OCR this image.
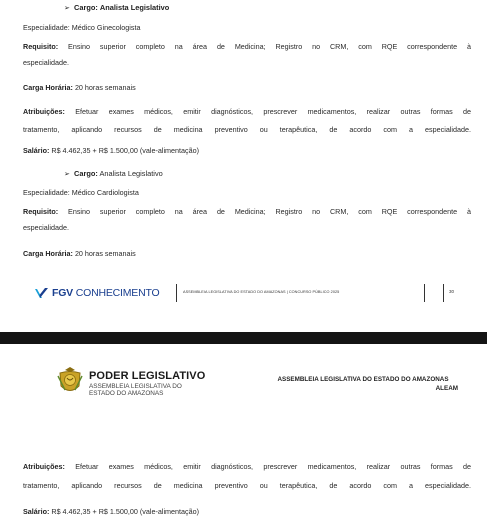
➢ Cargo: Analista Legislativo
Especialidade: Médico Ginecologista
Requisito: Ensino superior completo na área de Medicina; Registro no CRM, com RQE correspondente à
especialidade.
Carga Horária: 20 horas semanais
Atribuições: Efetuar exames médicos, emitir diagnósticos, prescrever medicamentos, realizar outras formas de
tratamento, aplicando recursos de medicina preventivo ou terapêutica, de acordo com a especialidade.
Salário: R$ 4.462,35 + R$ 1.500,00 (vale-alimentação)
➢ Cargo: Analista Legislativo
Especialidade: Médico Cardiologista
Requisito: Ensino superior completo na área de Medicina; Registro no CRM, com RQE correspondente à
especialidade.
Carga Horária: 20 horas semanais
FGV CONHECIMENTO	ASSEMBLEIA LEGISLATIVA DO ESTADO DO AMAZONAS | CONCURSO PÚBLICO 2025	30
PODER LEGISLATIVO
ASSEMBLEIA LEGISLATIVA DO
ESTADO DO AMAZONAS
ASSEMBLEIA LEGISLATIVA DO ESTADO DO AMAZONAS
ALEAM
Atribuições: Efetuar exames médicos, emitir diagnósticos, prescrever medicamentos, realizar outras formas de
tratamento, aplicando recursos de medicina preventivo ou terapêutica, de acordo com a especialidade.
Salário: R$ 4.462,35 + R$ 1.500,00 (vale-alimentação)
